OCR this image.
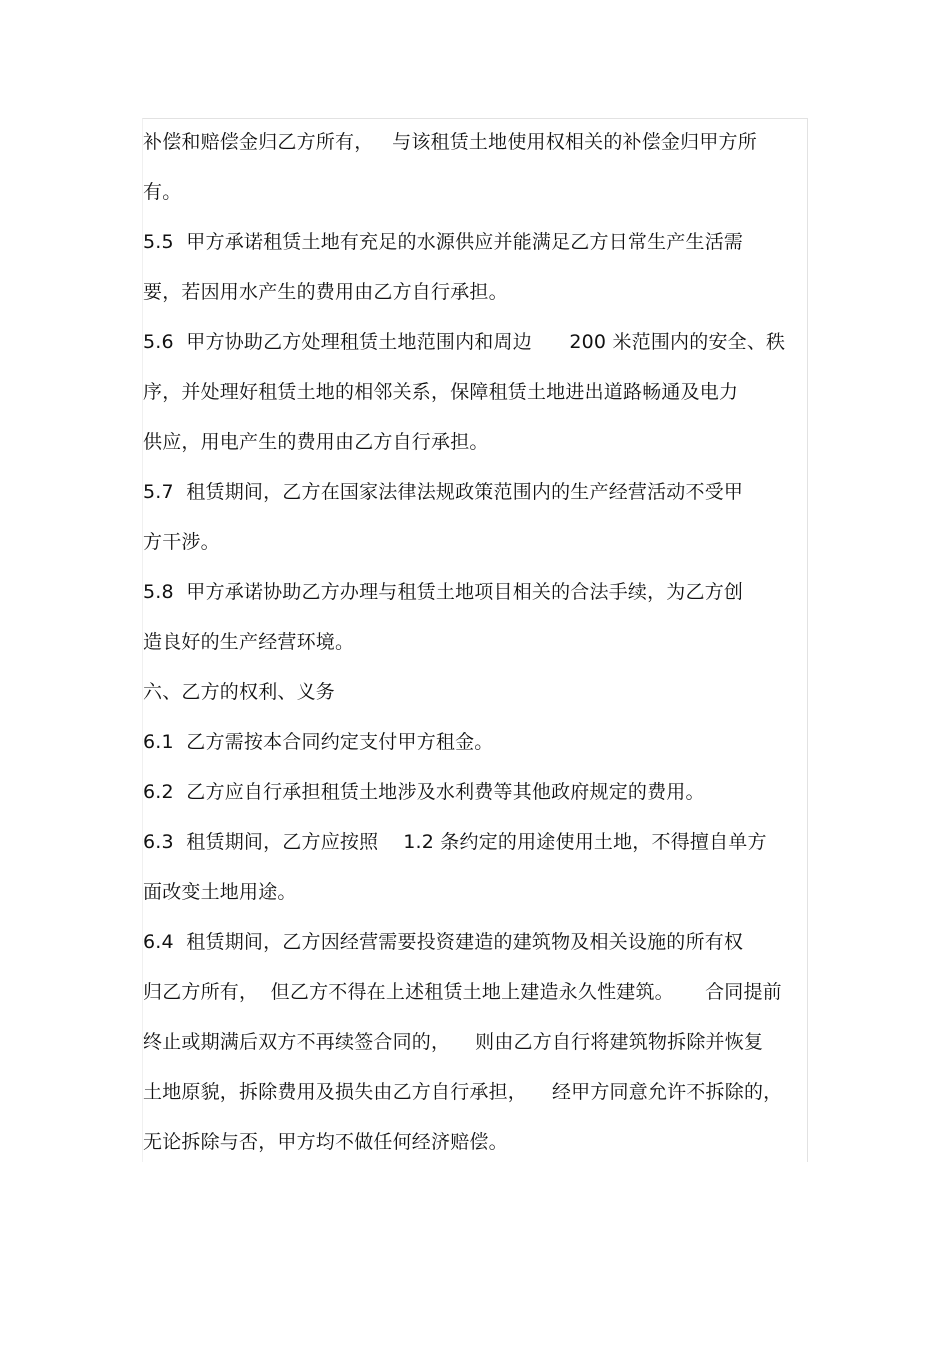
补偿和赔偿金归乙方所有，   与该租赁土地使用权相关的补偿金归甲方所
有。
5.5  甲方承诺租赁土地有充足的水源供应并能满足乙方日常生产生活需
要，若因用水产生的费用由乙方自行承担。
5.6  甲方协助乙方处理租赁土地范围内和周边      200 米范围内的安全、秩
序，并处理好租赁土地的相邻关系，保障租赁土地进出道路畅通及电力
供应，用电产生的费用由乙方自行承担。
5.7  租赁期间，乙方在国家法律法规政策范围内的生产经营活动不受甲
方干涉。
5.8  甲方承诺协助乙方办理与租赁土地项目相关的合法手续，为乙方创
造良好的生产经营环境。
六、乙方的权利、义务
6.1  乙方需按本合同约定支付甲方租金。
6.2  乙方应自行承担租赁土地涉及水利费等其他政府规定的费用。
6.3  租赁期间，乙方应按照    1.2 条约定的用途使用土地，不得擅自单方
面改变土地用途。
6.4  租赁期间，乙方因经营需要投资建造的建筑物及相关设施的所有权
归乙方所有，  但乙方不得在上述租赁土地上建造永久性建筑。     合同提前
终止或期满后双方不再续签合同的，    则由乙方自行将建筑物拆除并恢复
土地原貌，拆除费用及损失由乙方自行承担，    经甲方同意允许不拆除的，
无论拆除与否，甲方均不做任何经济赔偿。
